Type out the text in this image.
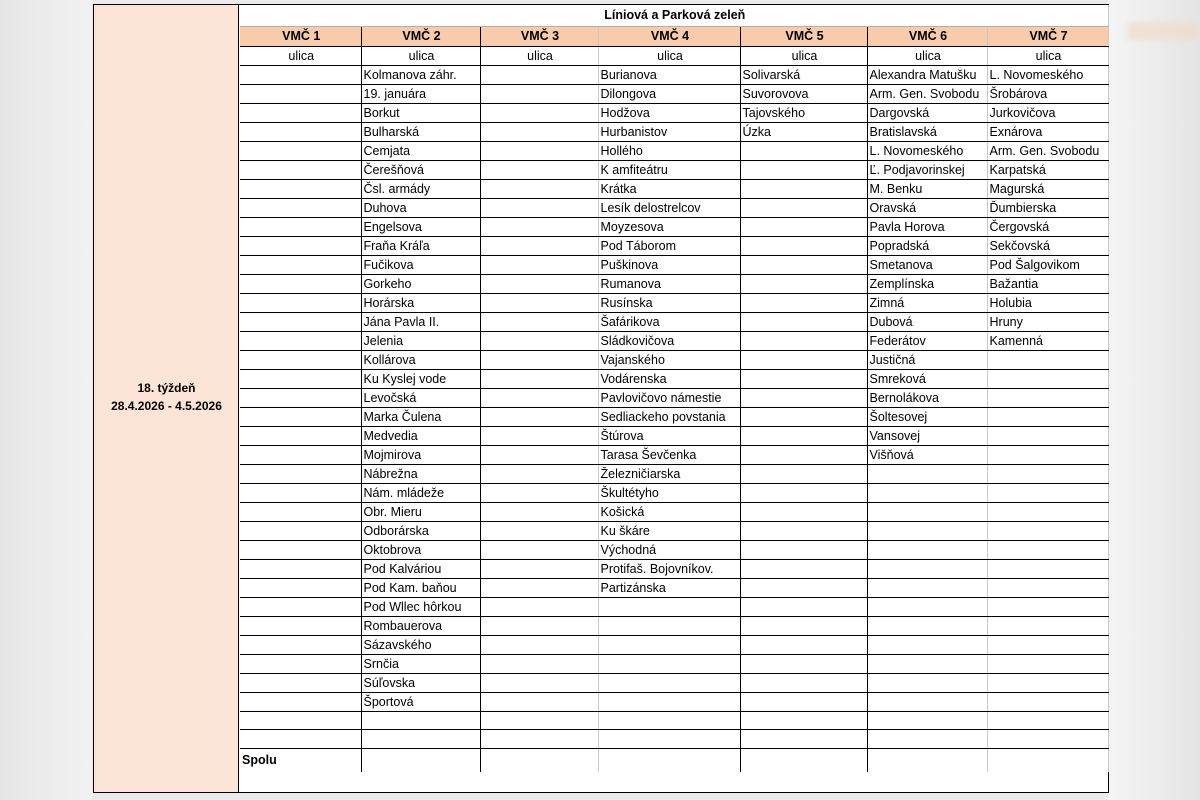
18. týždeň
28.4.2026 - 4.5.2026
Líniová a Parková zeleň						
VMČ 1	VMČ 2	VMČ 3	VMČ 4	VMČ 5	VMČ 6	VMČ 7
ulica	ulica	ulica	ulica	ulica	ulica	ulica
	Kolmanova záhr.		Burianova	Solivarská	Alexandra Matušku	L. Novomeského
	19. januára		Dilongova	Suvorovova	Arm. Gen. Svobodu	Šrobárova
	Borkut		Hodžova	Tajovského	Dargovská	Jurkovičova
	Bulharská		Hurbanistov	Úzka	Bratislavská	Exnárova
	Cemjata		Hollého		L. Novomeského	Arm. Gen. Svobodu
	Čerešňová		K amfiteátru		Ľ. Podjavorinskej	Karpatská
	Čsl. armády		Krátka		M. Benku	Magurská
	Duhova		Lesík delostrelcov		Oravská	Ďumbierska
	Engelsova		Moyzesova		Pavla Horova	Čergovská
	Fraňa Kráľa		Pod Táborom		Popradská	Sekčovská
	Fučikova		Puškinova		Smetanova	Pod Šalgovikom
	Gorkeho		Rumanova		Zemplínska	Bažantia
	Horárska		Rusínska		Zimná	Holubia
	Jána Pavla II.		Šafárikova		Dubová	Hruny
	Jelenia		Sládkovičova		Federátov	Kamenná
	Kollárova		Vajanského		Justičná	
	Ku Kyslej vode		Vodárenska		Smreková	
	Levočská		Pavlovičovo námestie		Bernolákova	
	Marka Čulena		Sedliackeho povstania		Šoltesovej	
	Medvedia		Štúrova		Vansovej	
	Mojmirova		Tarasa Ševčenka		Višňová	
	Nábrežna		Železničiarska			
	Nám. mládeže		Škultétyho			
	Obr. Mieru		Košická			
	Odborárska		Ku škáre			
	Oktobrova		Východná			
	Pod Kalváriou		Protifaš. Bojovníkov.			
	Pod Kam. baňou		Partizánska			
	Pod Wllec hôrkou					
	Rombauerova					
	Sázavského					
	Srnčia					
	Súľovska					
	Športová					

Spolu						
